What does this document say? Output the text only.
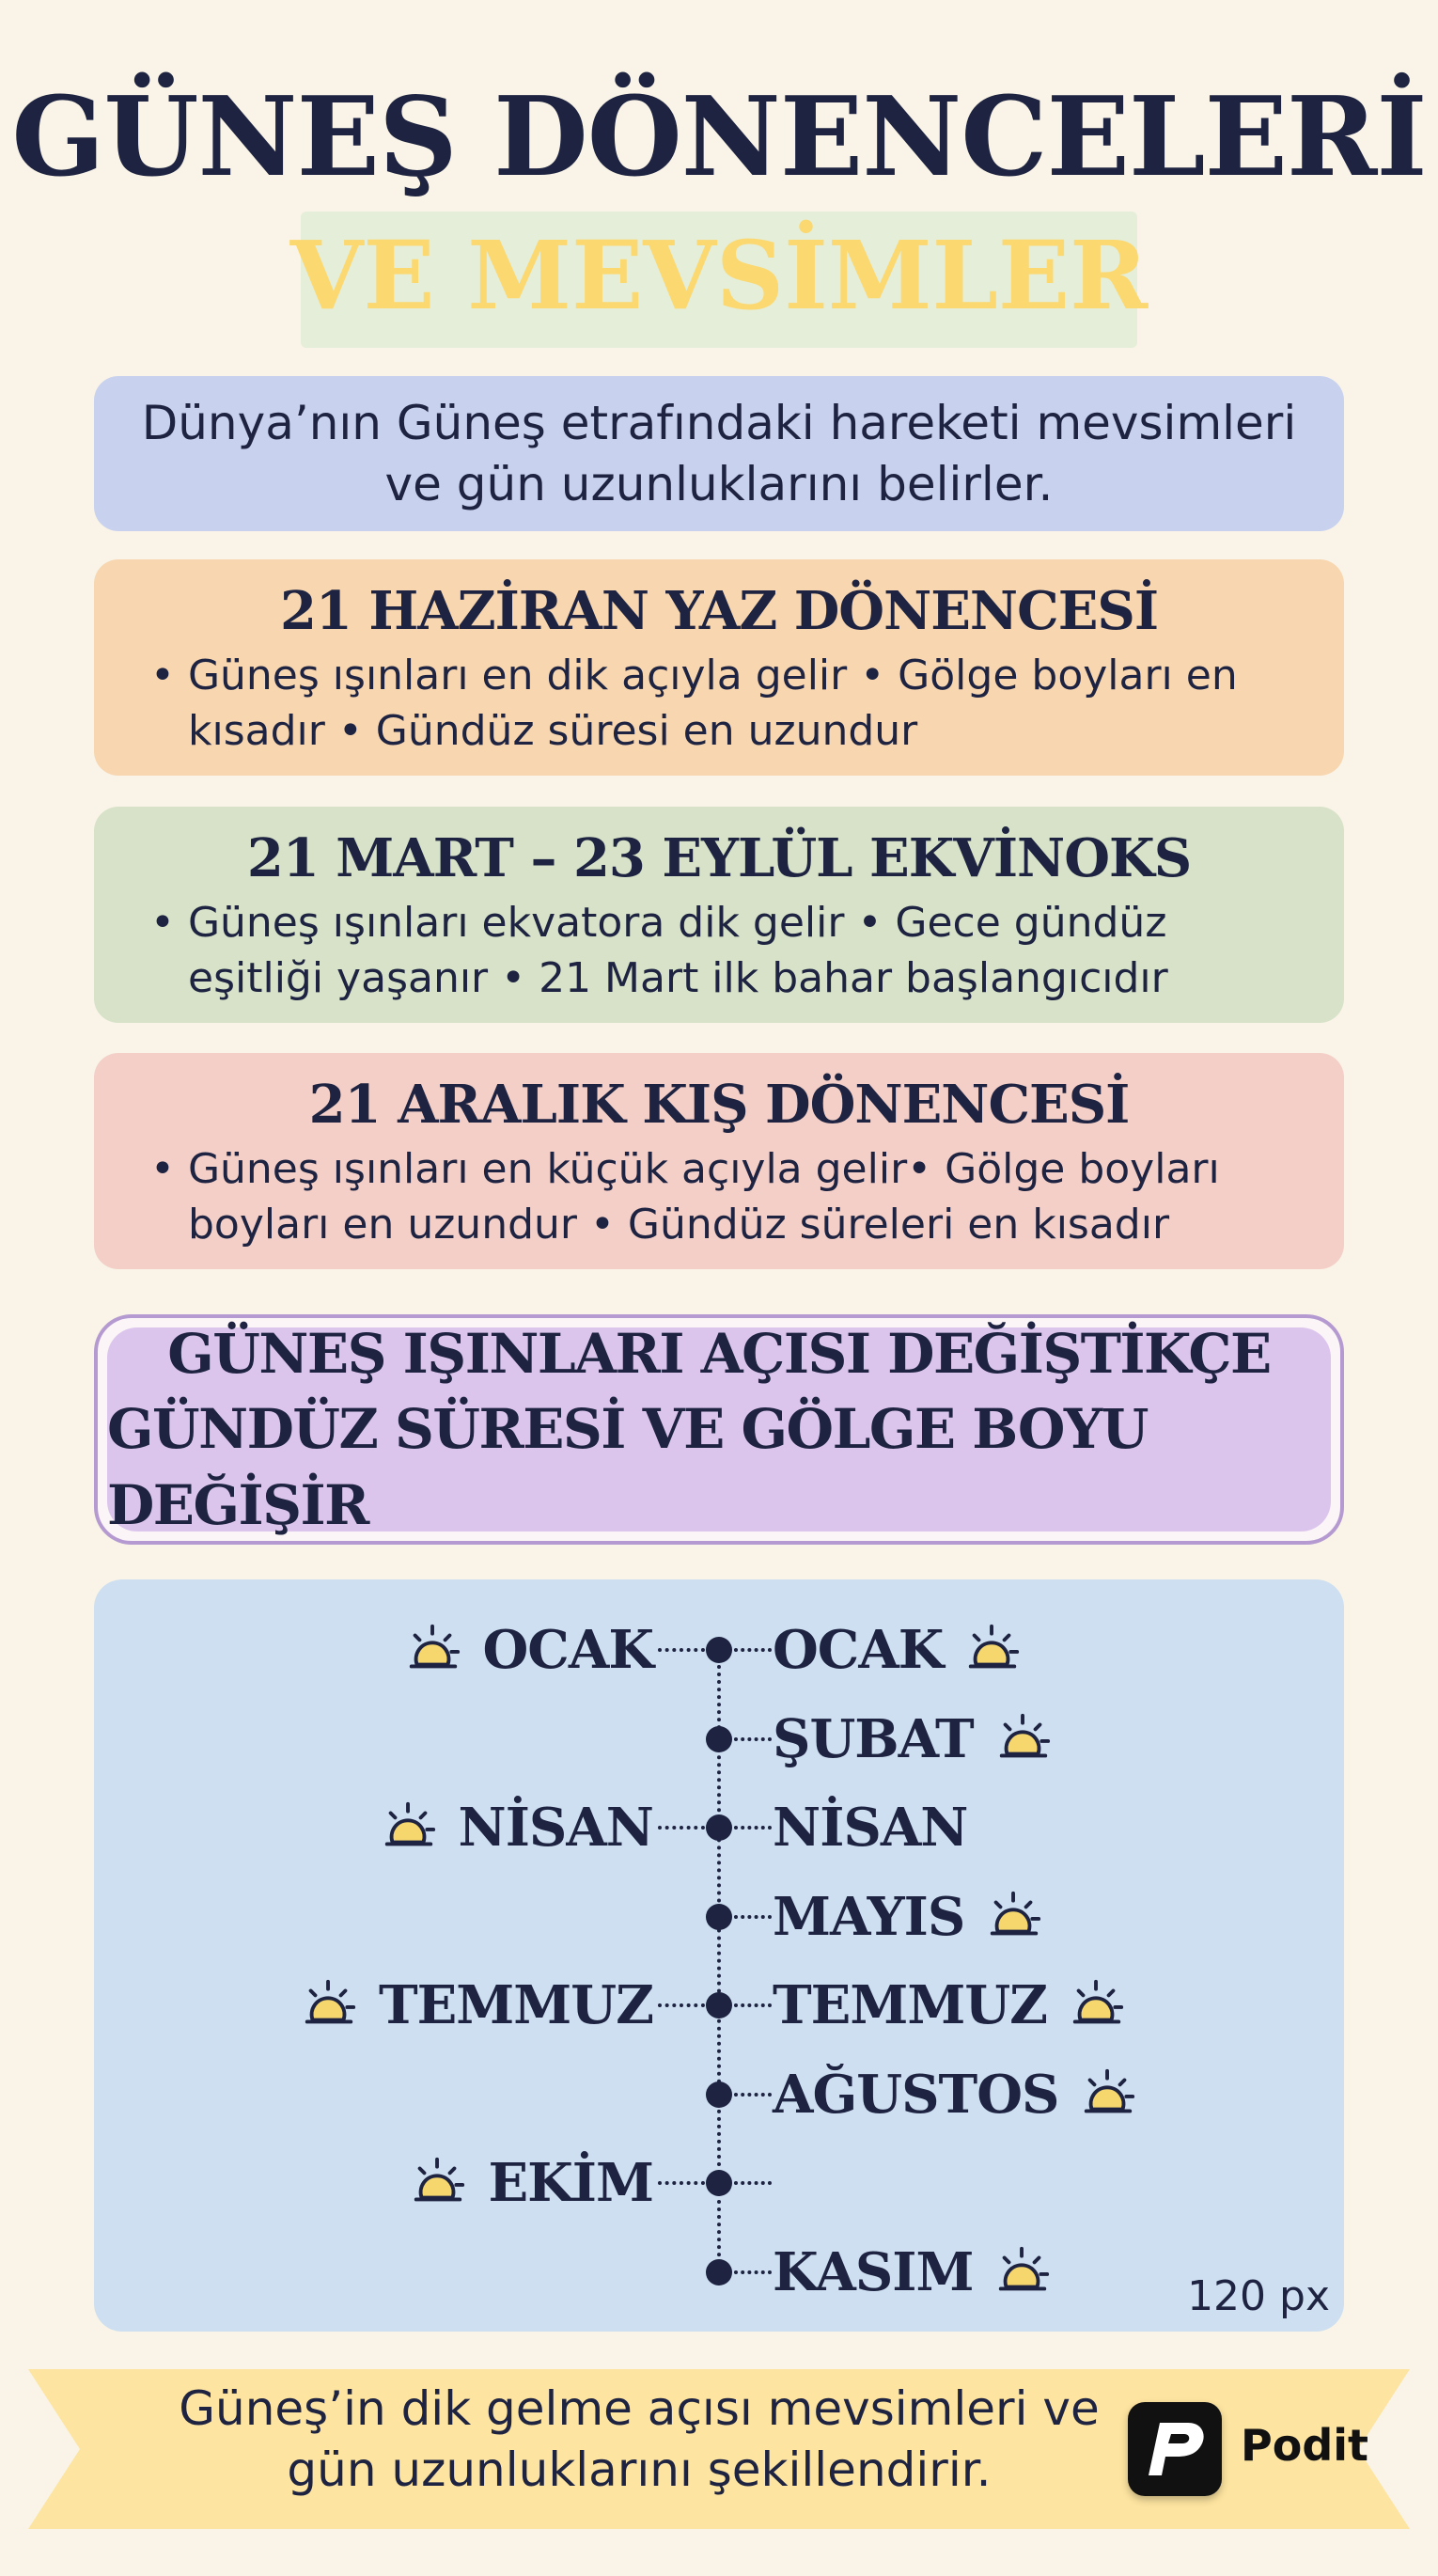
GÜNEŞ DÖNENCELERİ
VE MEVSİMLER

Dünya’nın Güneş etrafındaki hareketi mevsimleri ve gün uzunluklarını belirler.

21 HAZİRAN YAZ DÖNENCESİ

• Güneş ışınları en dik açıyla gelir • Gölge boyları en kısadır • Gündüz süresi en uzundur

21 MART – 23 EYLÜL EKVİNOKS

• Güneş ışınları ekvatora dik gelir • Gece gündüz eşitliği yaşanır • 21 Mart ilk bahar başlangıcıdır

21 ARALIK KIŞ DÖNENCESİ

• Güneş ışınları en küçük açıyla gelir• Gölge boyları boyları en uzundur • Gündüz süreleri en kısadır

GÜNEŞ IŞINLARI AÇISI DEĞİŞTİKÇE
GÜNDÜZ SÜRESİ VE GÖLGE BOYU DEĞİŞİR
OCAK OCAK
ŞUBAT
NİSAN NİSAN
MAYIS
TEMMUZ TEMMUZ
AĞUSTOS
EKİM
KASIM	120 px
Güneş’in dik gelme açısı mevsimleri ve gün uzunluklarını şekillendirir.	Podit
